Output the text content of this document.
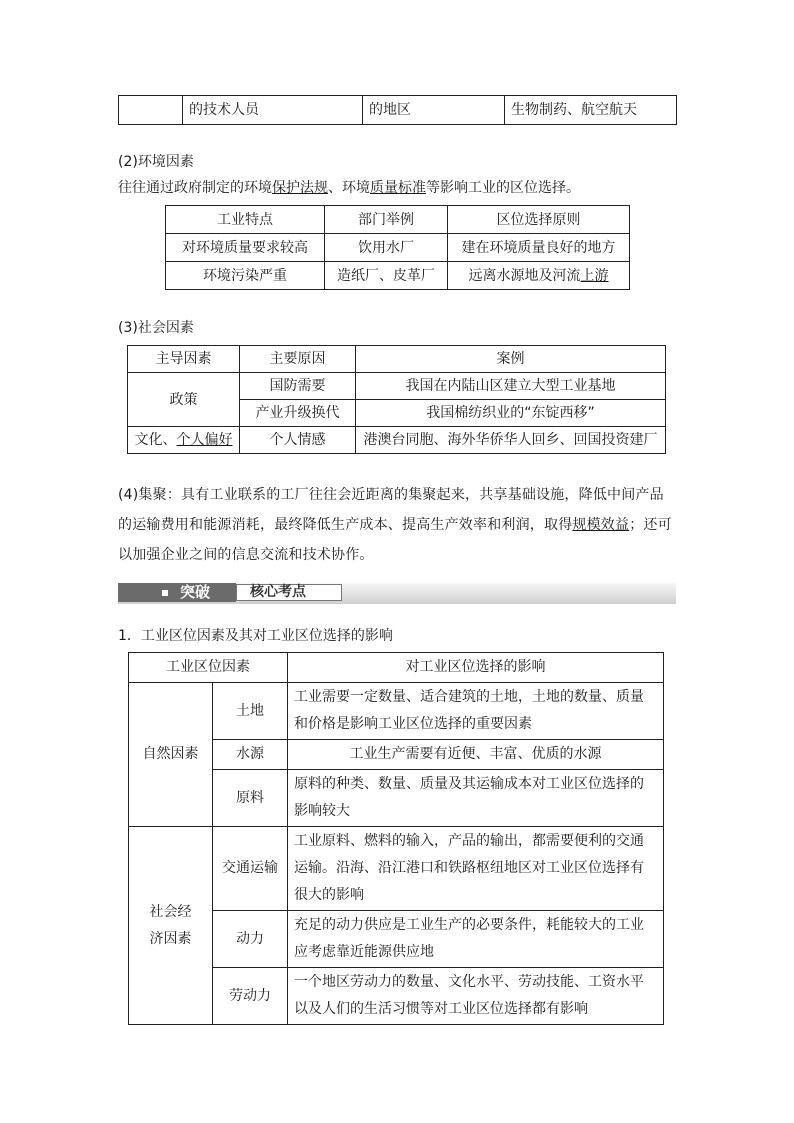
	的技术人员	的地区	生物制药、航空航天
(2)环境因素
往往通过政府制定的环境保护法规、环境质量标准等影响工业的区位选择。
工业特点	部门举例	区位选择原则
对环境质量要求较高	饮用水厂	建在环境质量良好的地方
环境污染严重	造纸厂、皮革厂	远离水源地及河流上游
(3)社会因素
主导因素	主要原因	案例
政策	国防需要	我国在内陆山区建立大型工业基地
	产业升级换代	我国棉纺织业的“东锭西移”
文化、个人偏好	个人情感	港澳台同胞、海外华侨华人回乡、回国投资建厂
(4)集聚：具有工业联系的工厂往往会近距离的集聚起来，共享基础设施，降低中间产品的运输费用和能源消耗，最终降低生产成本、提高生产效率和利润，取得规模效益；还可以加强企业之间的信息交流和技术协作。
突破	核心考点
1．工业区位因素及其对工业区位选择的影响
工业区位因素		对工业区位选择的影响
自然因素	土地	工业需要一定数量、适合建筑的土地，土地的数量、质量和价格是影响工业区位选择的重要因素
	水源	工业生产需要有近便、丰富、优质的水源
	原料	原料的种类、数量、质量及其运输成本对工业区位选择的影响较大
社会经济因素	交通运输	工业原料、燃料的输入，产品的输出，都需要便利的交通运输。沿海、沿江港口和铁路枢纽地区对工业区位选择有很大的影响
	动力	充足的动力供应是工业生产的必要条件，耗能较大的工业应考虑靠近能源供应地
	劳动力	一个地区劳动力的数量、文化水平、劳动技能、工资水平以及人们的生活习惯等对工业区位选择都有影响
